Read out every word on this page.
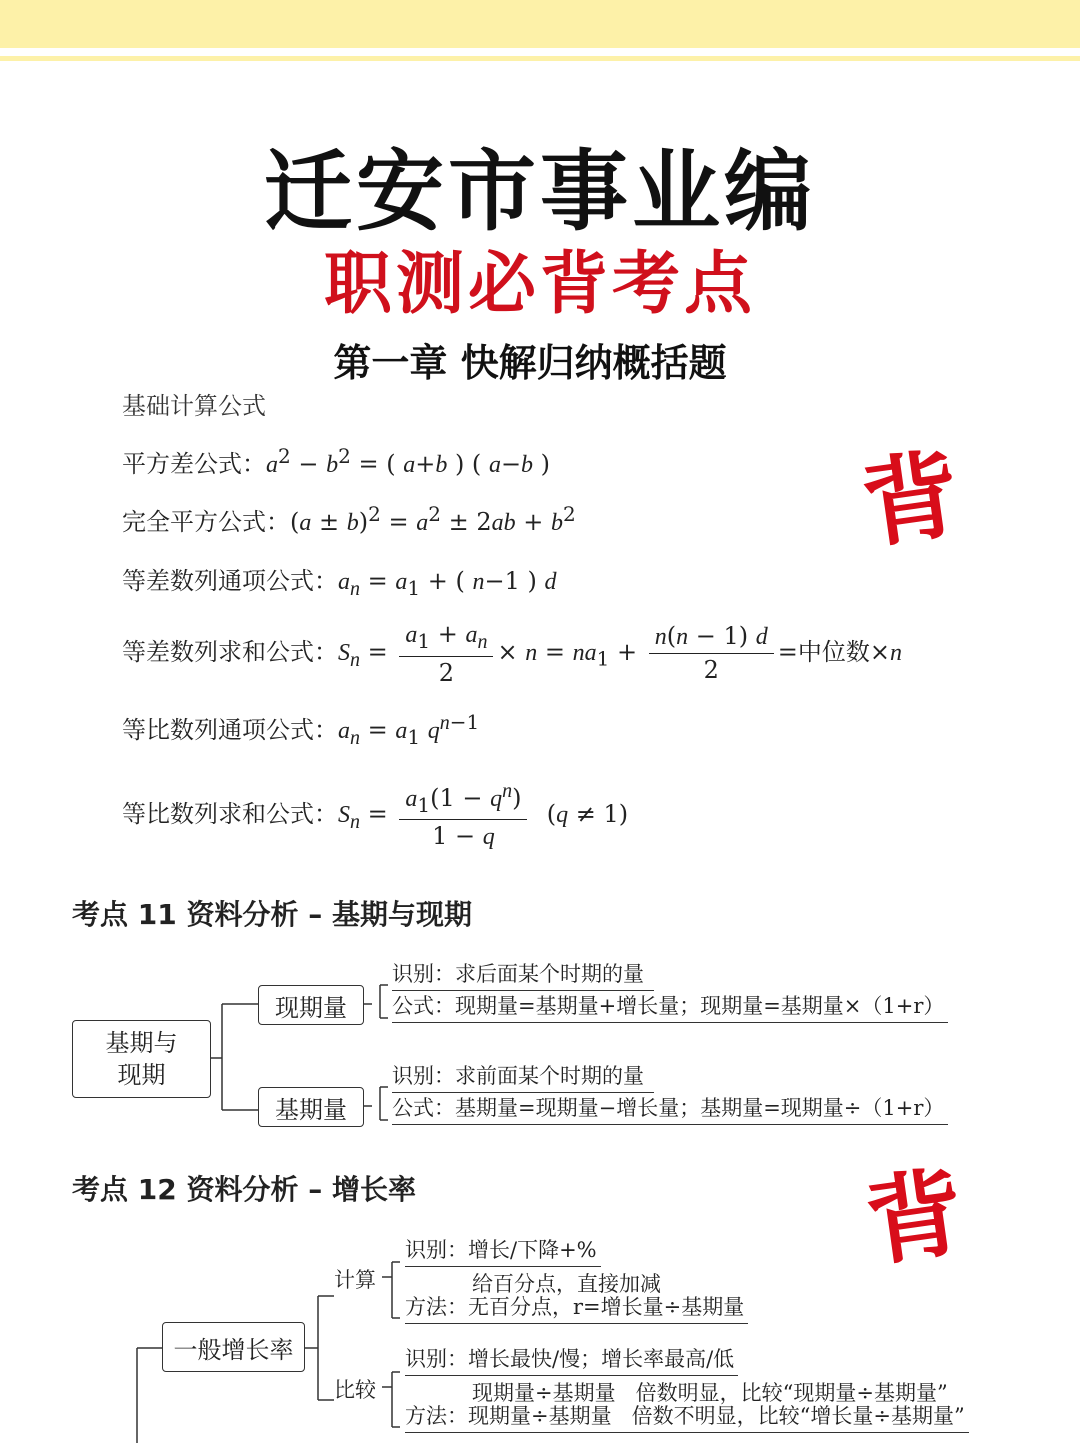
迁安市事业编
职测必背考点
第一章 快解归纳概括题
基础计算公式
平方差公式：$a^2 - b^2$ = ( a+b ) ( a−b )
完全平方公式：$(a \pm b)^2 = a^2 \pm 2ab + b^2$
等差数列通项公式：$a_n = a_1$ + ( n−1 ) d
等差数列求和公式：$S_n = \frac{a_1 + a_n}{2} \times n = na_1 + \frac{n(n - 1) d}{2}$ =中位数×n
等比数列通项公式：$a_n = a_1$ $q^{n-1}$
等比数列求和公式：$S_n = \frac{a_1(1 - q^n)}{1 - q} (q \ne 1)$
背
背
考点 11 资料分析 – 基期与现期
基期与
现期
现期量
基期量
识别：求后面某个时期的量
公式：现期量=基期量+增长量；现期量=基期量×（1+r）
识别：求前面某个时期的量
公式：基期量=现期量−增长量；基期量=现期量÷（1+r）
考点 12 资料分析 – 增长率
一般增长率
计算
比较
识别：增长/下降+%
给百分点，直接加减
方法：无百分点，r=增长量÷基期量
识别：增长最快/慢；增长率最高/低
现期量÷基期量 倍数明显，比较“现期量÷基期量”
方法：现期量÷基期量 倍数不明显，比较“增长量÷基期量”
